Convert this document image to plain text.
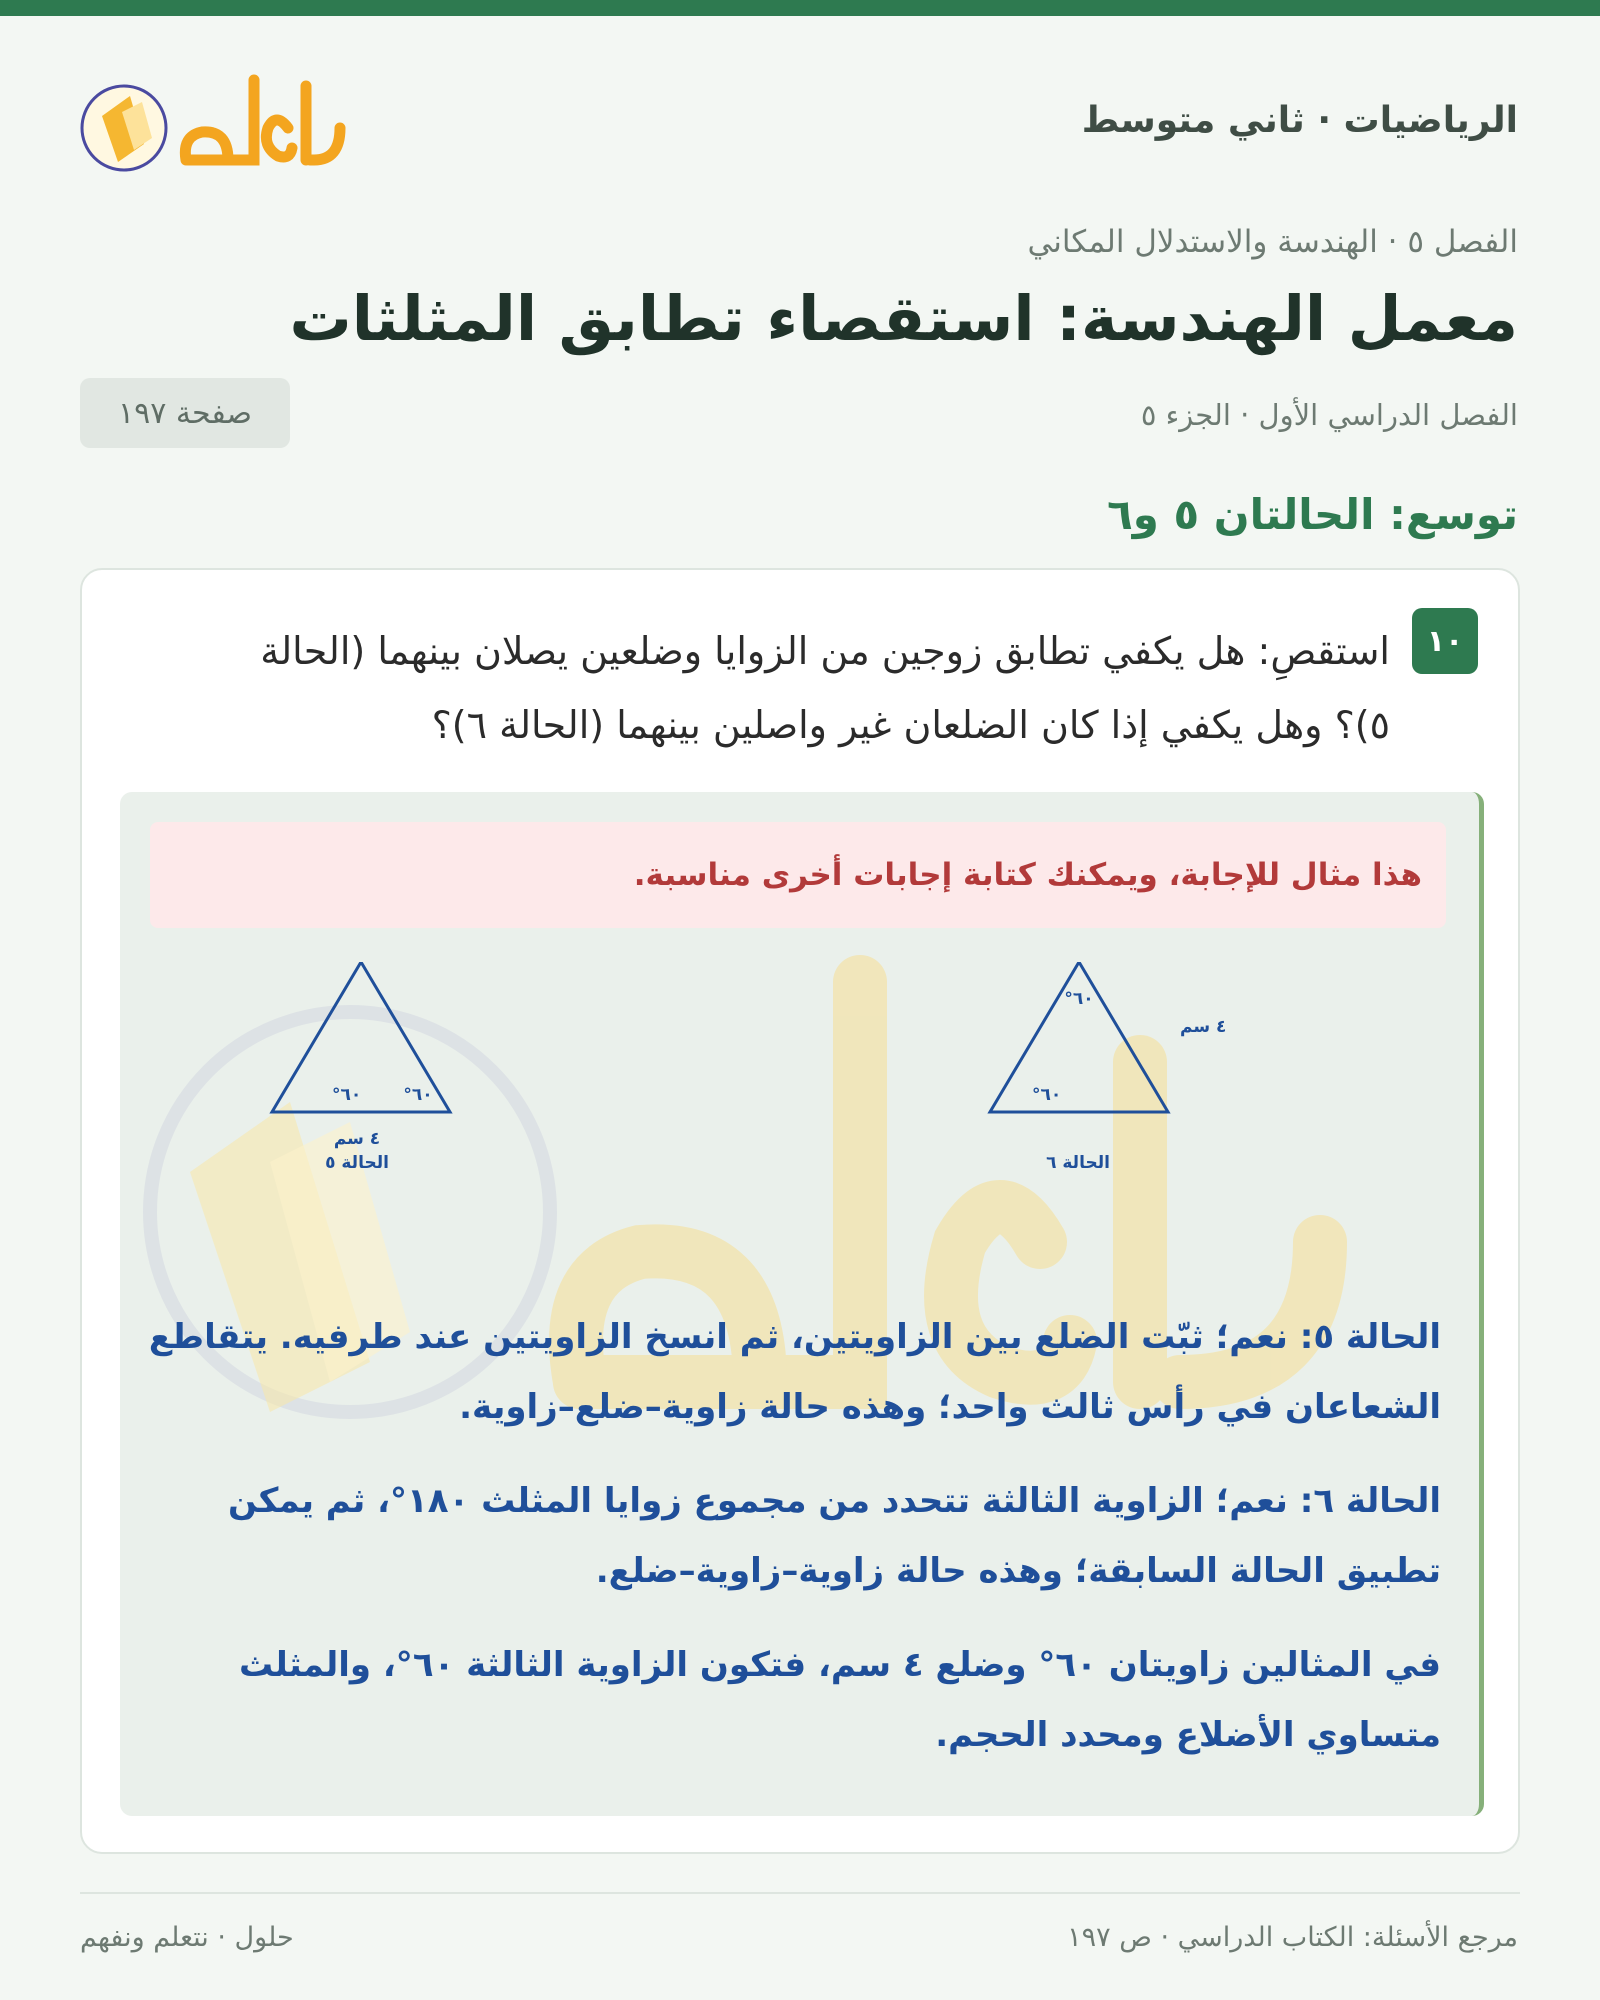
الرياضيات · ثاني متوسط
الفصل ٥ · الهندسة والاستدلال المكاني
معمل الهندسة: استقصاء تطابق المثلثات
الفصل الدراسي الأول · الجزء ٥
صفحة ١٩٧
توسع: الحالتان ٥ و٦
١٠
استقصِ: هل يكفي تطابق زوجين من الزوايا وضلعين يصلان بينهما (الحالة ٥)؟ وهل يكفي إذا كان الضلعان غير واصلين بينهما (الحالة ٦)؟
هذا مثال للإجابة، ويمكنك كتابة إجابات أخرى مناسبة.
٦٠° ٦٠°
٤ سم
الحالة ٥
٦٠°
٦٠°
٤ سم
الحالة ٦

الحالة ٥: نعم؛ ثبّت الضلع بين الزاويتين، ثم انسخ الزاويتين عند طرفيه. يتقاطع الشعاعان في رأس ثالث واحد؛ وهذه حالة زاوية–ضلع–زاوية.

الحالة ٦: نعم؛ الزاوية الثالثة تتحدد من مجموع زوايا المثلث ١٨٠°، ثم يمكن تطبيق الحالة السابقة؛ وهذه حالة زاوية–زاوية–ضلع.

في المثالين زاويتان ٦٠° وضلع ٤ سم، فتكون الزاوية الثالثة ٦٠°، والمثلث متساوي الأضلاع ومحدد الحجم.

مرجع الأسئلة: الكتاب الدراسي · ص ١٩٧
حلول · نتعلم ونفهم
